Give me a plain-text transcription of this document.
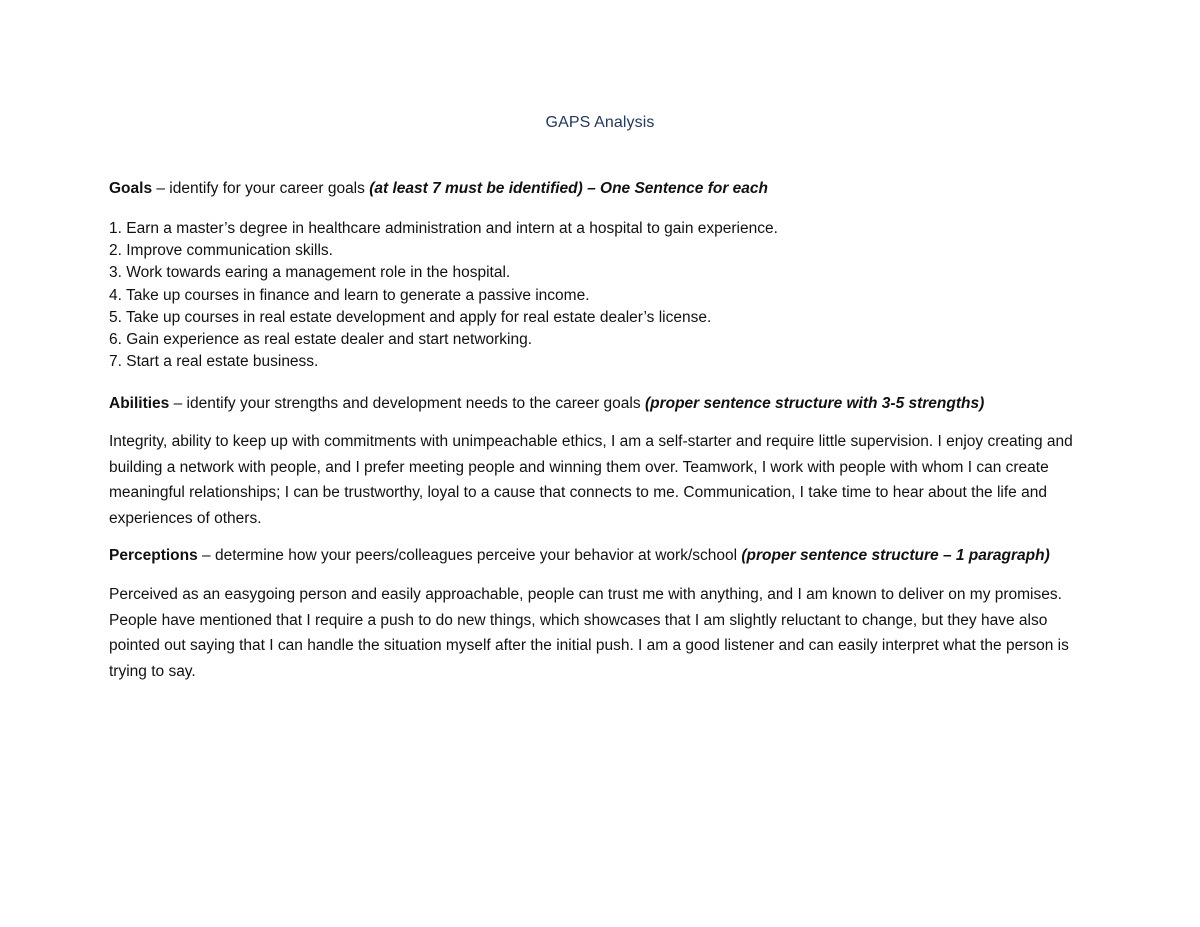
GAPS Analysis

Goals – identify for your career goals (at least 7 must be identified) – One Sentence for each

1. Earn a master’s degree in healthcare administration and intern at a hospital to gain experience.
2. Improve communication skills.
3. Work towards earing a management role in the hospital.
4. Take up courses in finance and learn to generate a passive income.
5. Take up courses in real estate development and apply for real estate dealer’s license.
6. Gain experience as real estate dealer and start networking.
7. Start a real estate business.

Abilities – identify your strengths and development needs to the career goals (proper sentence structure with 3-5 strengths)

Integrity, ability to keep up with commitments with unimpeachable ethics, I am a self-starter and require little supervision. I enjoy creating and building a network with people, and I prefer meeting people and winning them over. Teamwork, I work with people with whom I can create meaningful relationships; I can be trustworthy, loyal to a cause that connects to me. Communication, I take time to hear about the life and experiences of others.

Perceptions – determine how your peers/colleagues perceive your behavior at work/school (proper sentence structure – 1 paragraph)

Perceived as an easygoing person and easily approachable, people can trust me with anything, and I am known to deliver on my promises. People have mentioned that I require a push to do new things, which showcases that I am slightly reluctant to change, but they have also pointed out saying that I can handle the situation myself after the initial push. I am a good listener and can easily interpret what the person is trying to say.
